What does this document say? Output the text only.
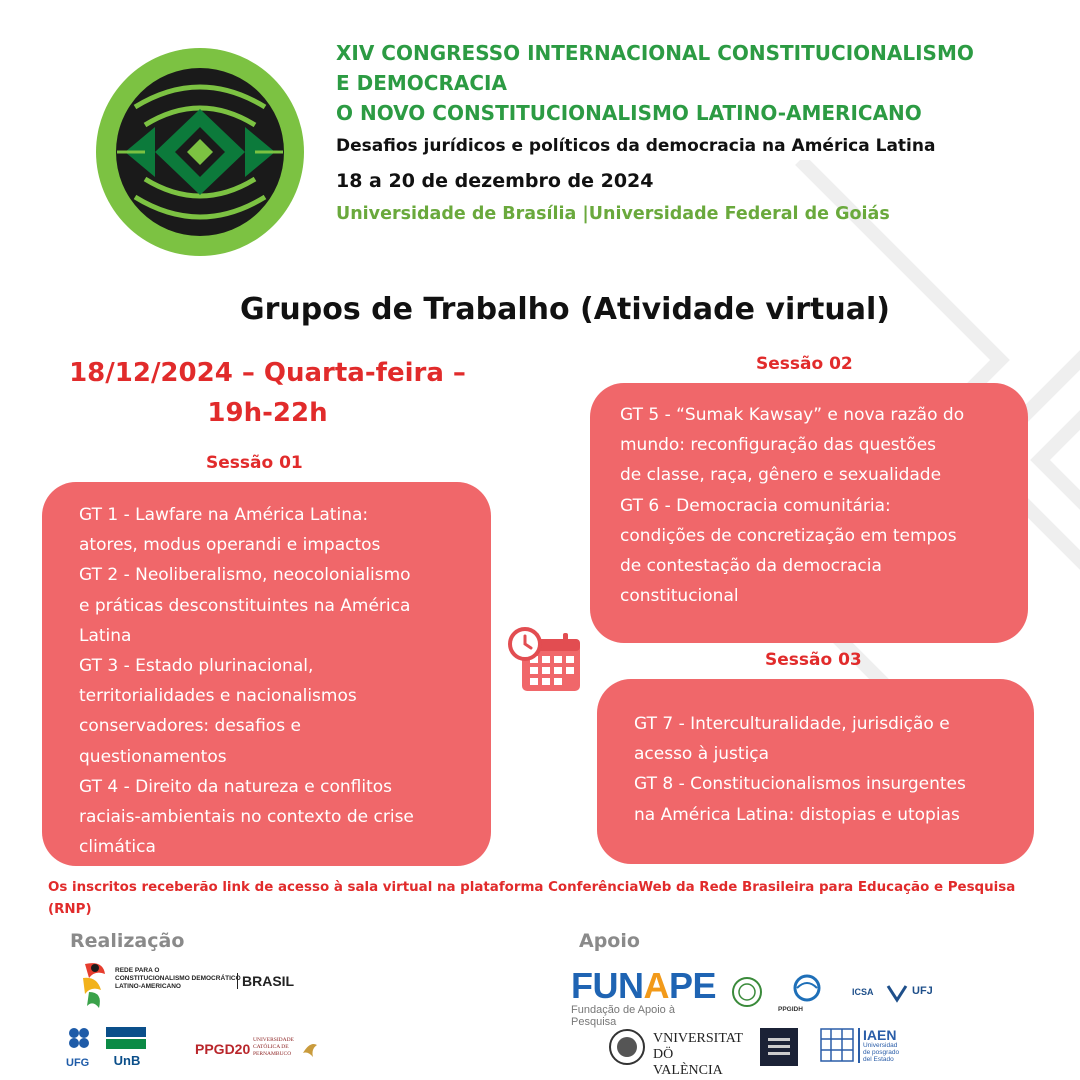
XIV CONGRESSO INTERNACIONAL CONSTITUCIONALISMO
E DEMOCRACIA
O NOVO CONSTITUCIONALISMO LATINO-AMERICANO
Desafios jurídicos e políticos da democracia na América Latina
18 a 20 de dezembro de 2024
Universidade de Brasília |Universidade Federal de Goiás
Grupos de Trabalho (Atividade virtual)
18/12/2024 – Quarta-feira –
19h-22h
Sessão 01
GT 1 - Lawfare na América Latina:
atores, modus operandi e impactos
GT 2 - Neoliberalismo, neocolonialismo
e práticas desconstituintes na América
Latina
GT 3 - Estado plurinacional,
territorialidades e nacionalismos
conservadores: desafios e
questionamentos
GT 4 - Direito da natureza e conflitos
raciais-ambientais no contexto de crise
climática
Sessão 02
GT 5 - “Sumak Kawsay” e nova razão do
mundo: reconfiguração das questões
de classe, raça, gênero e sexualidade
GT 6 - Democracia comunitária:
condições de concretização em tempos
de contestação da democracia
constitucional
Sessão 03
GT 7 - Interculturalidade, jurisdição e
acesso à justiça
GT 8 - Constitucionalismos insurgentes
na América Latina: distopias e utopias
Os inscritos receberão link de acesso à sala virtual na plataforma ConferênciaWeb da Rede Brasileira para Educação e Pesquisa (RNP)
Realização	Apoio
REDE PARA O
CONSTITUCIONALISMO DEMOCRÁTICO
LATINO-AMERICANO	BRASIL
UFG	UnB
PPGD20
UNIVERSIDADE CATÓLICA DE PERNAMBUCO
FUNAPE
Fundação de Apoio à Pesquisa
PPGIDH
ICSA	UFJ
VNIVERSITAT
DÖ VALÈNCIA
IAEN
Universidad
de posgrado
del Estado
